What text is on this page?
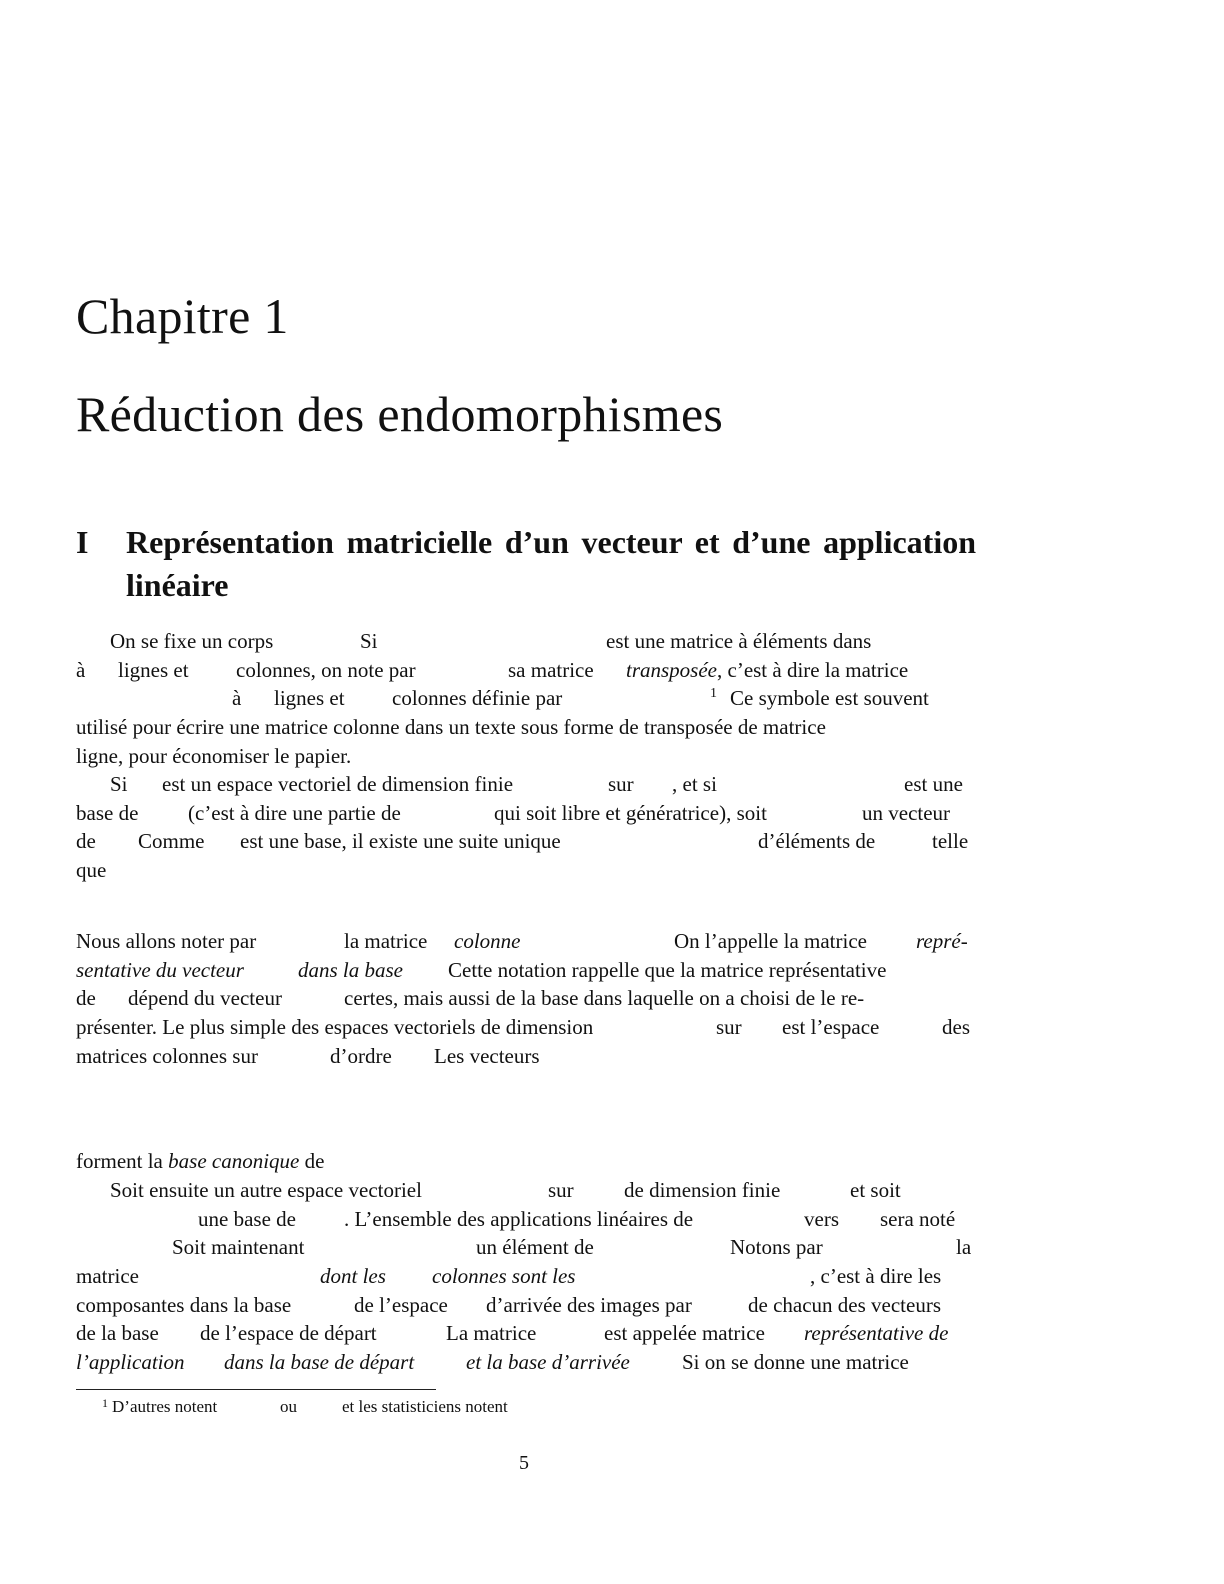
Chapitre 1
Réduction des endomorphismes
I Représentation matricielle d’un vecteur et d’une application linéaire
On se fixe un corps	Si	est une matrice à éléments dans
à lignes et colonnes, on note par	sa matrice transposée, c’est à dire la matrice
à lignes et colonnes définie par	1 Ce symbole est souvent
utilisé pour écrire une matrice colonne dans un texte sous forme de transposée de matrice
ligne, pour économiser le papier.
Si est un espace vectoriel de dimension finie	sur , et si	est une
base de (c’est à dire une partie de	qui soit libre et génératrice), soit	un vecteur
de Comme est une base, il existe une suite unique	d’éléments de	telle
que
Nous allons noter par	la matrice colonne	On l’appelle la matrice repré-
sentative du vecteur	dans la base Cette notation rappelle que la matrice représentative
de dépend du vecteur	certes, mais aussi de la base dans laquelle on a choisi de le re-
présenter. Le plus simple des espaces vectoriels de dimension	sur est l’espace	des
matrices colonnes sur	d’ordre Les vecteurs
forment la base canonique de
Soit ensuite un autre espace vectoriel	sur de dimension finie	et soit
une base de . L’ensemble des applications linéaires de	vers sera noté
Soit maintenant	un élément de	Notons par	la
matrice	dont les colonnes sont les	, c’est à dire les
composantes dans la base	de l’espace d’arrivée des images par	de chacun des vecteurs
de la base de l’espace de départ	La matrice	est appelée matrice représentative de
l’application dans la base de départ et la base d’arrivée Si on se donne une matrice
1 D’autres notent	ou	et les statisticiens notent
5
